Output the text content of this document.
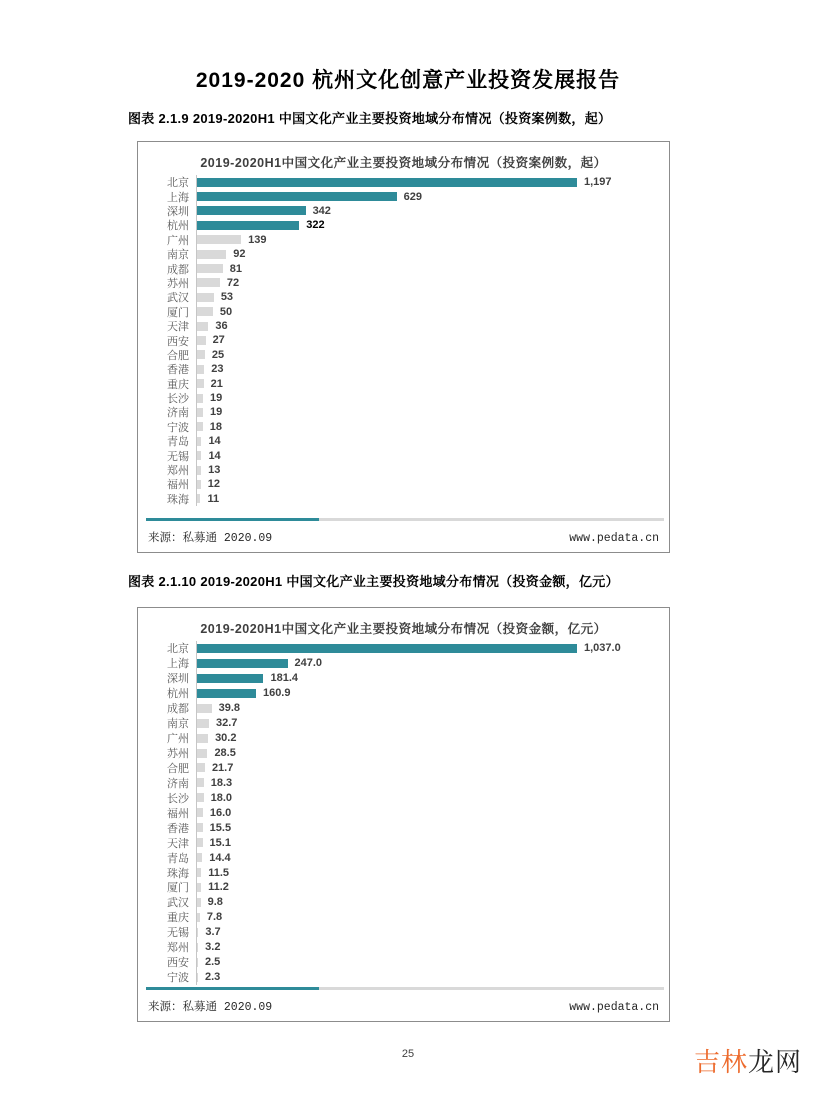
2019-2020 杭州文化创意产业投资发展报告
图表 2.1.9 2019-2020H1 中国文化产业主要投资地域分布情况（投资案例数，起）
2019-2020H1中国文化产业主要投资地域分布情况（投资案例数，起）
北京	1,197
上海	629
深圳	342
杭州	322
广州	139
南京	92
成都	81
苏州	72
武汉	53
厦门	50
天津	36
西安	27
合肥	25
香港	23
重庆	21
长沙	19
济南	19
宁波	18
青岛	14
无锡	14
郑州	13
福州	12
珠海	11
来源：私募通 2020.09	www.pedata.cn
图表 2.1.10 2019-2020H1 中国文化产业主要投资地域分布情况（投资金额，亿元）
2019-2020H1中国文化产业主要投资地域分布情况（投资金额，亿元）
北京	1,037.0
上海	247.0
深圳	181.4
杭州	160.9
成都	39.8
南京	32.7
广州	30.2
苏州	28.5
合肥	21.7
济南	18.3
长沙	18.0
福州	16.0
香港	15.5
天津	15.1
青岛	14.4
珠海	11.5
厦门	11.2
武汉	9.8
重庆	7.8
无锡	3.7
郑州	3.2
西安	2.5
宁波	2.3
来源：私募通 2020.09	www.pedata.cn
25	吉林龙网
